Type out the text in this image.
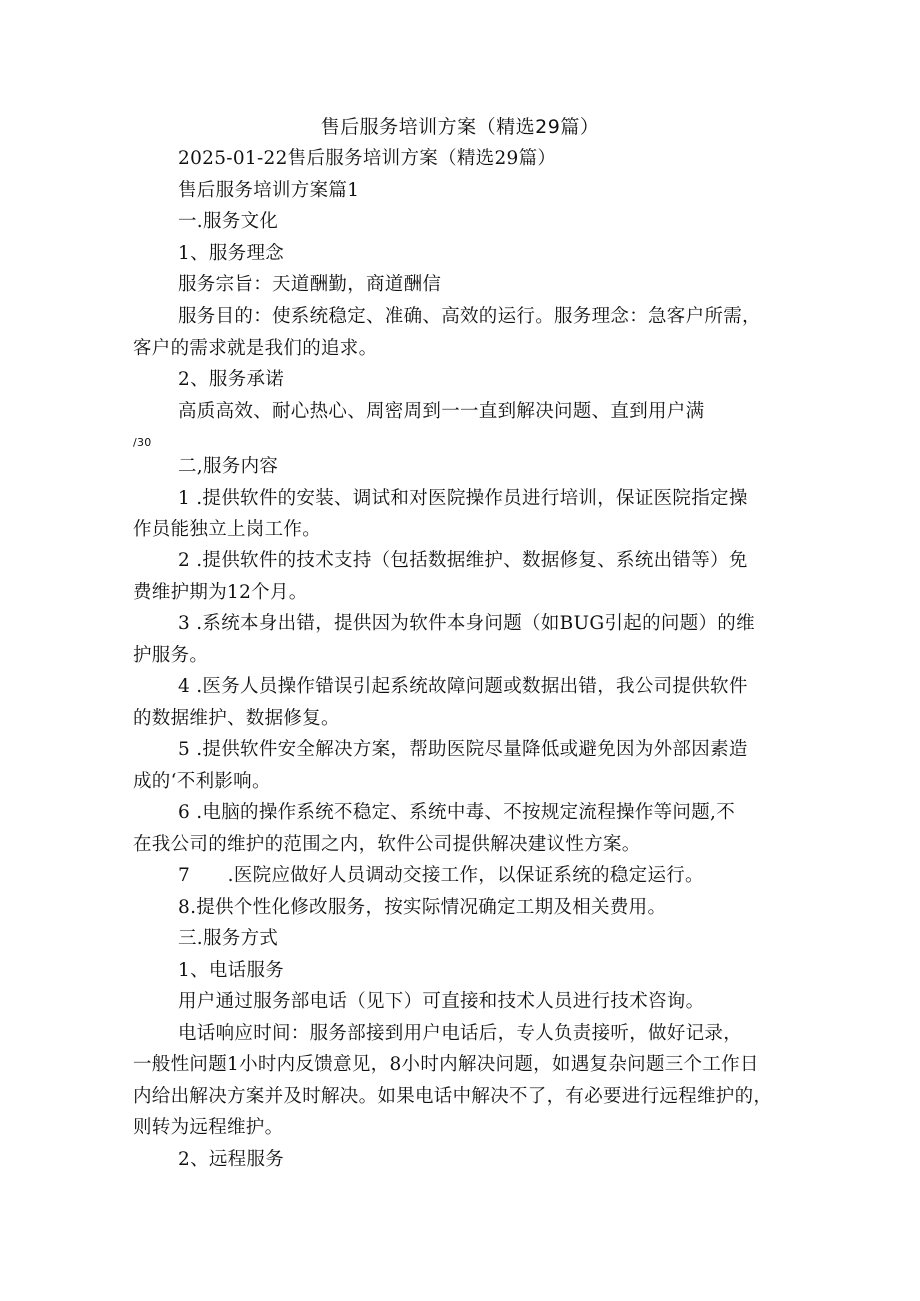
售后服务培训方案（精选29篇）
2025-01-22售后服务培训方案（精选29篇）
售后服务培训方案篇1
一.服务文化
1、服务理念
服务宗旨：天道酬勤，商道酬信
服务目的：使系统稳定、准确、高效的运行。服务理念：急客户所需，
客户的需求就是我们的追求。
2、服务承诺
高质高效、耐心热心、周密周到一一直到解决问题、直到用户满
/30
二,服务内容
1 .提供软件的安装、调试和对医院操作员进行培训，保证医院指定操
作员能独立上岗工作。
2 .提供软件的技术支持（包括数据维护、数据修复、系统出错等）免
费维护期为12个月。
3 .系统本身出错，提供因为软件本身问题（如BUG引起的问题）的维
护服务。
4 .医务人员操作错误引起系统故障问题或数据出错，我公司提供软件
的数据维护、数据修复。
5 .提供软件安全解决方案，帮助医院尽量降低或避免因为外部因素造
成的‘不利影响。
6 .电脑的操作系统不稳定、系统中毒、不按规定流程操作等问题,不
在我公司的维护的范围之内，软件公司提供解决建议性方案。
7　　.医院应做好人员调动交接工作，以保证系统的稳定运行。
8.提供个性化修改服务，按实际情况确定工期及相关费用。
三.服务方式
1、电话服务
用户通过服务部电话（见下）可直接和技术人员进行技术咨询。
电话响应时间：服务部接到用户电话后，专人负责接听，做好记录，
一般性问题1小时内反馈意见，8小时内解决问题，如遇复杂问题三个工作日
内给出解决方案并及时解决。如果电话中解决不了，有必要进行远程维护的，
则转为远程维护。
2、远程服务
